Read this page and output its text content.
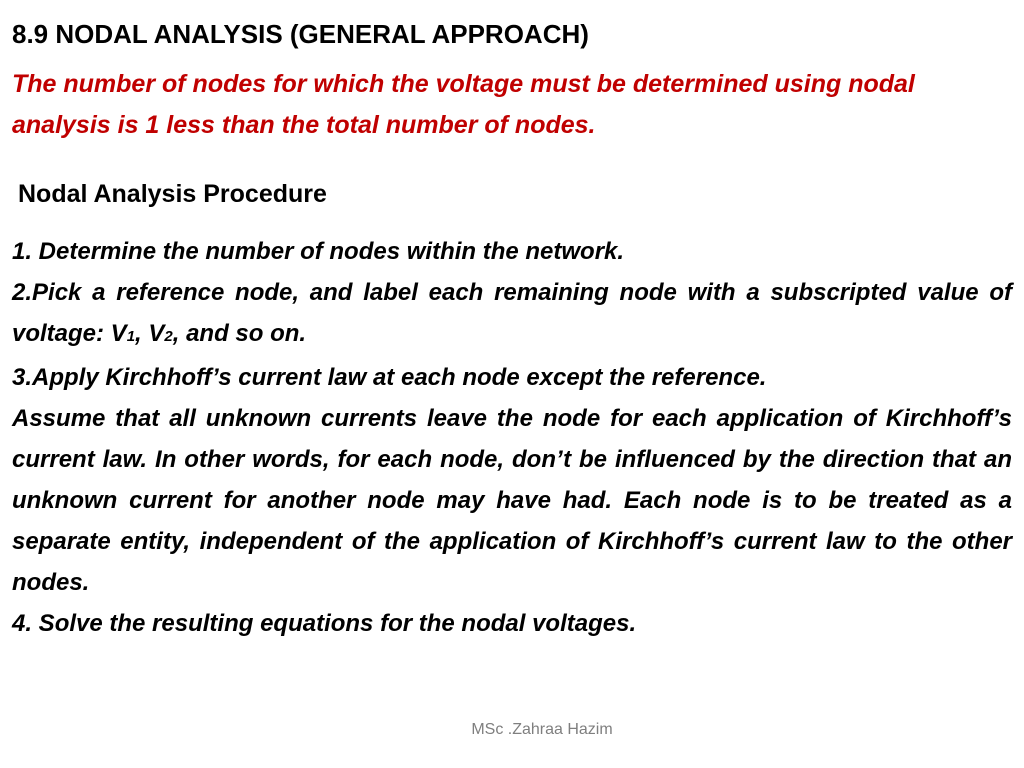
8.9 NODAL ANALYSIS (GENERAL APPROACH)
The number of nodes for which the voltage must be determined using nodal analysis is 1 less than the total number of nodes.
Nodal Analysis Procedure

1. Determine the number of nodes within the network.

2.Pick a reference node, and label each remaining node with a subscripted value of voltage: V1, V2, and so on.

3.Apply Kirchhoff’s current law at each node except the reference.

Assume that all unknown currents leave the node for each application of Kirchhoff’s current law. In other words, for each node, don’t be influenced by the direction that an unknown current for another node may have had. Each node is to be treated as a separate entity, independent of the application of Kirchhoff’s current law to the other nodes.

4. Solve the resulting equations for the nodal voltages.

MSc .Zahraa Hazim
